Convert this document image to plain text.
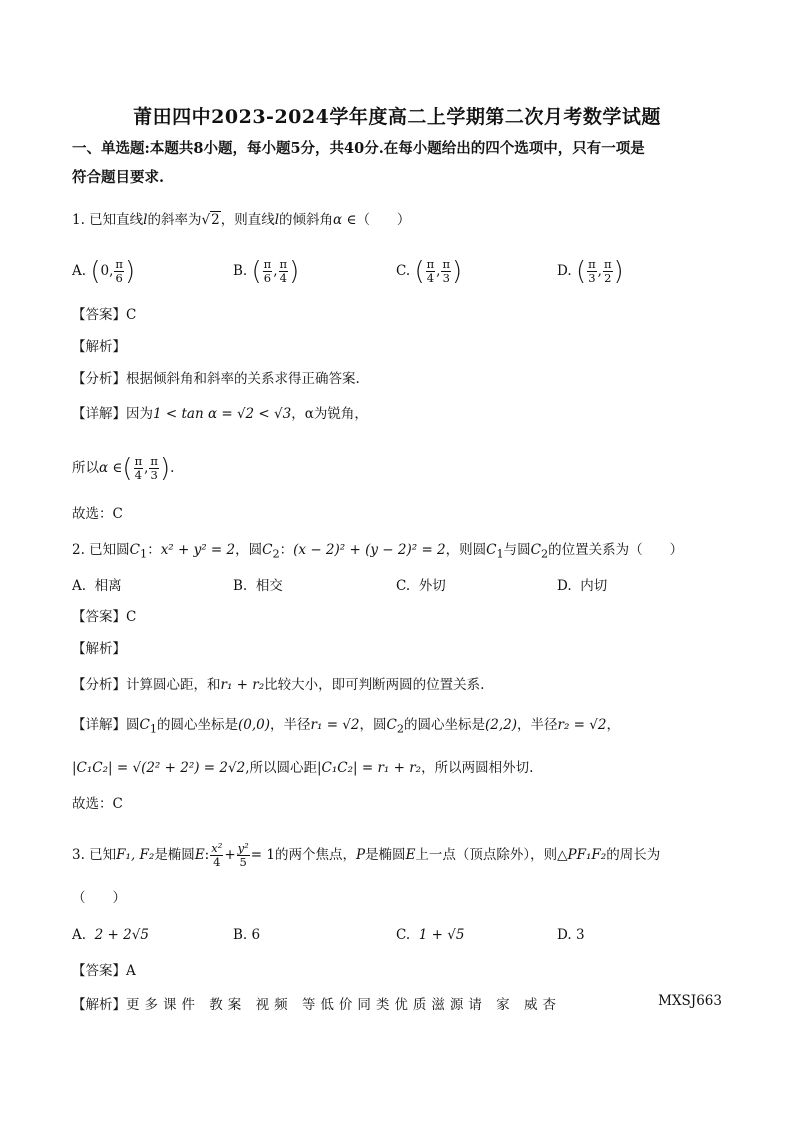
莆田四中2023-2024学年度高二上学期第二次月考数学试题
一、单选题:本题共8小题，每小题5分，共40分.在每小题给出的四个选项中，只有一项是
符合题目要求.
1. 已知直线l的斜率为√2，则直线l的倾斜角α ∈（　　）
A. (0, $\frac{\pi}{6}$ )	B. ( $\frac{\pi}{6}$ , $\frac{\pi}{4}$ )	C. ( $\frac{\pi}{4}$ , $\frac{\pi}{3}$ )	D. ( $\frac{\pi}{3}$ , $\frac{\pi}{2}$ )
【答案】C
【解析】
【分析】根据倾斜角和斜率的关系求得正确答案.
【详解】因为1 < tan α = √2 < √3，α为锐角，
所以α ∈( $\frac{\pi}{4}$ , $\frac{\pi}{3}$ ).
故选：C
2. 已知圆$C_1$：x² + y² = 2，圆$C_2$：(x − 2)² + (y − 2)² = 2，则圆$C_1$与圆$C_2$的位置关系为（　　）
A. 相离	B. 相交	C. 外切	D. 内切
【答案】C
【解析】
【分析】计算圆心距，和r₁ + r₂比较大小，即可判断两圆的位置关系.
【详解】圆$C_1$的圆心坐标是(0,0)，半径r₁ = √2，圆$C_2$的圆心坐标是(2,2)，半径r₂ = √2，
|C₁C₂| = √(2² + 2²) = 2√2,所以圆心距|C₁C₂| = r₁ + r₂，所以两圆相外切.
故选：C
3. 已知F₁, F₂是椭圆E: $\frac{\text{x²}}{4} + \frac{\text{y²}}{5} = 1$的两个焦点，P是椭圆E上一点（顶点除外），则△PF₁F₂的周长为
（　　）
A. 2 + 2√5	B. 6	C. 1 + √5	D. 3
【答案】A
【解析】更多课件 教案 视频 等低价同类优质滋源请 家 威杏	MXSJ663
